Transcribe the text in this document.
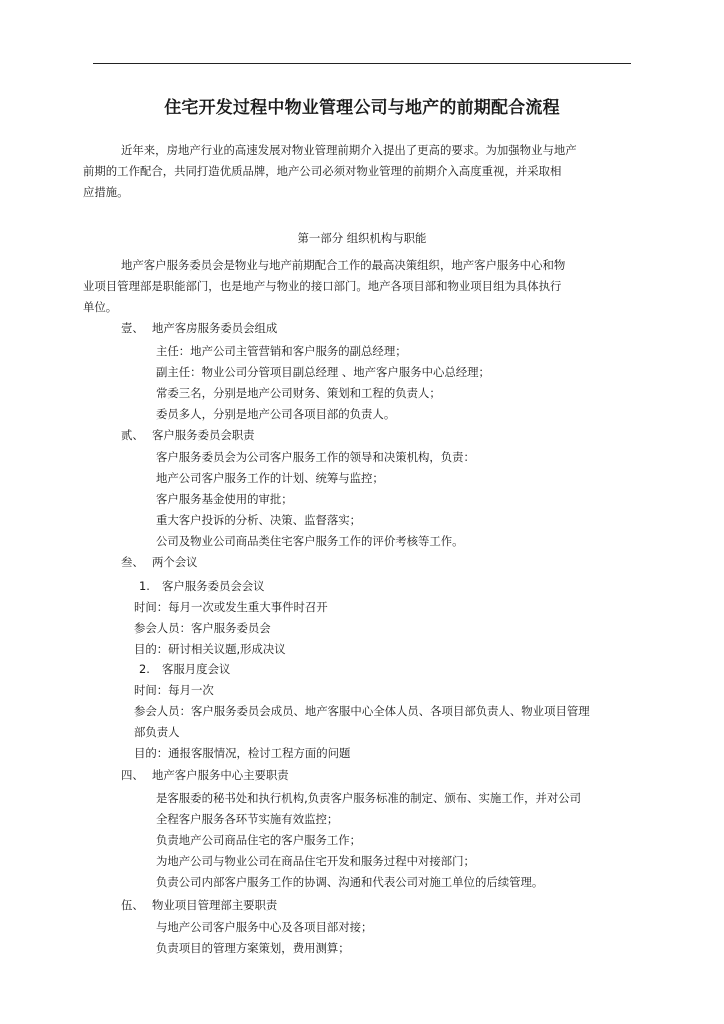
住宅开发过程中物业管理公司与地产的前期配合流程
近年来，房地产行业的高速发展对物业管理前期介入提出了更高的要求。为加强物业与地产
前期的工作配合，共同打造优质品牌，地产公司必须对物业管理的前期介入高度重视，并采取相
应措施。
第一部分 组织机构与职能
地产客户服务委员会是物业与地产前期配合工作的最高决策组织，地产客户服务中心和物
业项目管理部是职能部门，也是地产与物业的接口部门。地产各项目部和物业项目组为具体执行
单位。
壹、 地产客房服务委员会组成
主任：地产公司主管营销和客户服务的副总经理；
副主任：物业公司分管项目副总经理 、地产客户服务中心总经理；
常委三名，分别是地产公司财务、策划和工程的负责人；
委员多人，分别是地产公司各项目部的负责人。
贰、 客户服务委员会职责
客户服务委员会为公司客户服务工作的领导和决策机构，负责：
地产公司客户服务工作的计划、统筹与监控；
客户服务基金使用的审批；
重大客户投诉的分析、决策、监督落实；
公司及物业公司商品类住宅客户服务工作的评价考核等工作。
叁、 两个会议
1. 客户服务委员会会议
时间：每月一次或发生重大事件时召开
参会人员：客户服务委员会
目的：研讨相关议题,形成决议
2. 客服月度会议
时间：每月一次
参会人员：客户服务委员会成员、地产客服中心全体人员、各项目部负责人、物业项目管理
部负责人
目的：通报客服情况，检讨工程方面的问题
四、 地产客户服务中心主要职责
是客服委的秘书处和执行机构,负责客户服务标准的制定、颁布、实施工作，并对公司
全程客户服务各环节实施有效监控；
负责地产公司商品住宅的客户服务工作；
为地产公司与物业公司在商品住宅开发和服务过程中对接部门；
负责公司内部客户服务工作的协调、沟通和代表公司对施工单位的后续管理。
伍、 物业项目管理部主要职责
与地产公司客户服务中心及各项目部对接；
负责项目的管理方案策划，费用测算；
